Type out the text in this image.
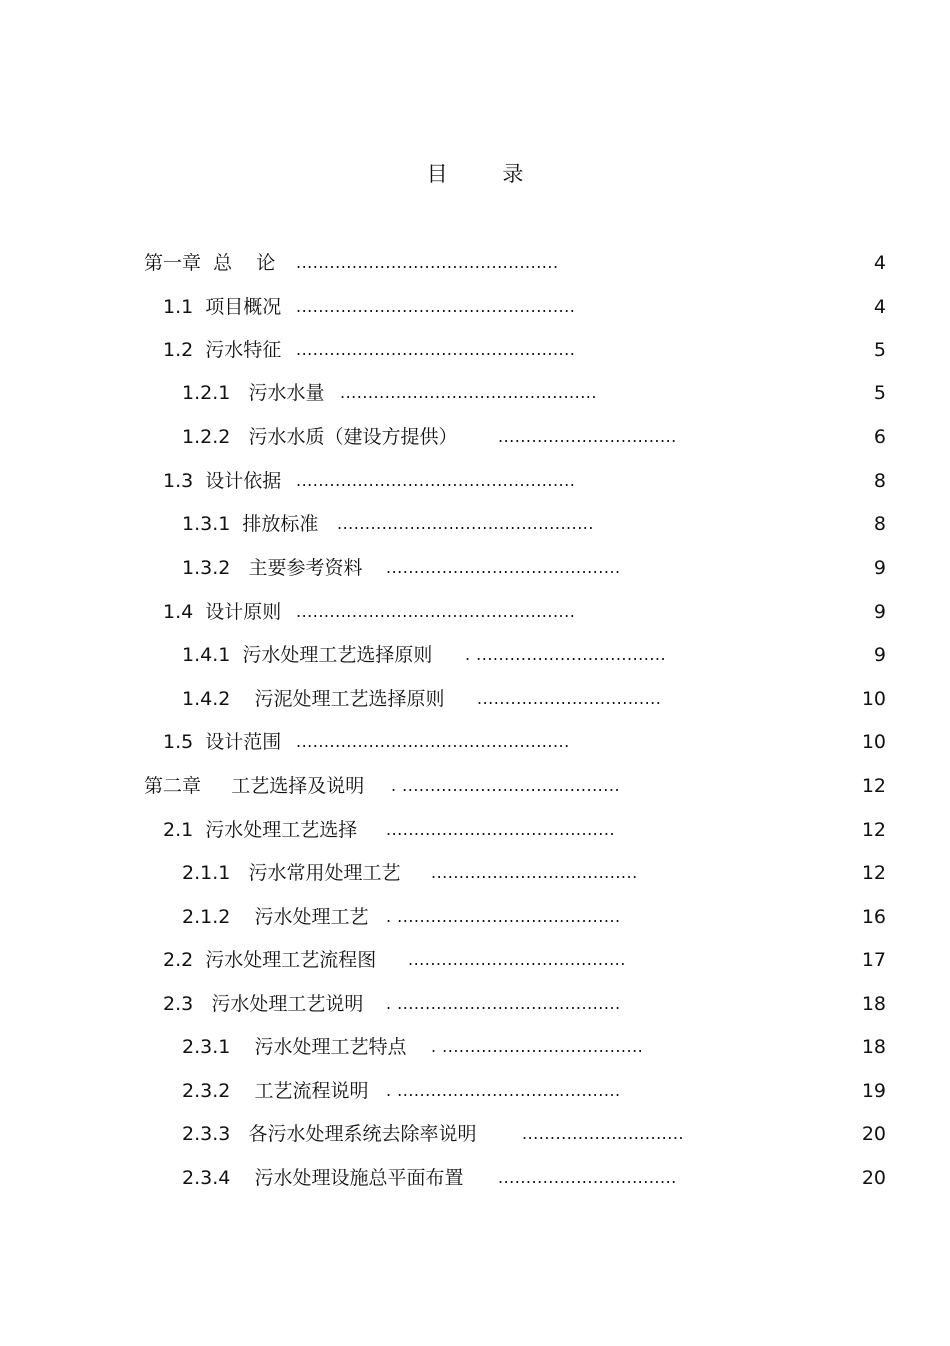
目 录
第一章  总    论 ...............................................	4
1.1  项目概况 ..................................................	4
1.2  污水特征 ..................................................	5
1.2.1   污水水量 ..............................................	5
1.2.2   污水水质（建设方提供）	................................	6
1.3  设计依据 ..................................................	8
1.3.1  排放标准 ..............................................	8
1.3.2   主要参考资料 ..........................................	9
1.4  设计原则 ..................................................	9
1.4.1  污水处理工艺选择原则 . ..................................	9
1.4.2    污泥处理工艺选择原则 .................................	10
1.5  设计范围 .................................................	10
第二章     工艺选择及说明 . .......................................	12
2.1  污水处理工艺选择 .........................................	12
2.1.1   污水常用处理工艺 .....................................	12
2.1.2    污水处理工艺 . ........................................	16
2.2  污水处理工艺流程图 .......................................	17
2.3   污水处理工艺说明 . ........................................	18
2.3.1    污水处理工艺特点 . ....................................	18
2.3.2    工艺流程说明 . ........................................	19
2.3.3   各污水处理系统去除率说明	.............................	20
2.3.4    污水处理设施总平面布置 ................................	20
